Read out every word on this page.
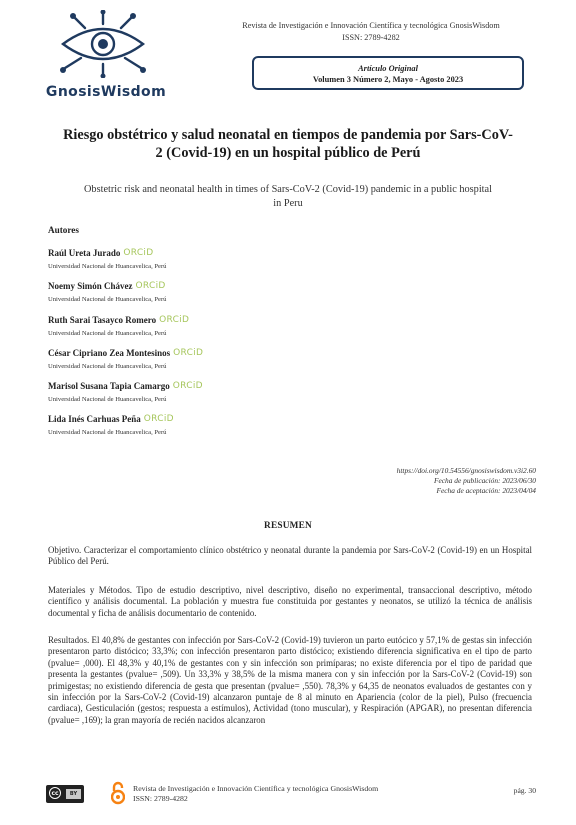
GnosisWisdom
Revista de Investigación e Innovación Científica y tecnológica GnosisWisdom
ISSN: 2789-4282
Artículo Original
Volumen 3 Número 2, Mayo - Agosto 2023
Riesgo obstétrico y salud neonatal en tiempos de pandemia por Sars-CoV-2 (Covid-19) en un hospital público de Perú
Obstetric risk and neonatal health in times of Sars-CoV-2 (Covid-19) pandemic in a public hospital in Peru
Autores
Raúl Ureta Jurado ORCiD
Universidad Nacional de Huancavelica, Perú
Noemy Simón Chávez ORCiD
Universidad Nacional de Huancavelica, Perú
Ruth Sarai Tasayco Romero ORCiD
Universidad Nacional de Huancavelica, Perú
César Cipriano Zea Montesinos ORCiD
Universidad Nacional de Huancavelica, Perú
Marisol Susana Tapia Camargo ORCiD
Universidad Nacional de Huancavelica, Perú
Lida Inés Carhuas Peña ORCiD
Universidad Nacional de Huancavelica, Perú
https://doi.org/10.54556/gnosiswisdom.v3i2.60
Fecha de publicación: 2023/06/30
Fecha de aceptación: 2023/04/04
RESUMEN
Objetivo. Caracterizar el comportamiento clínico obstétrico y neonatal durante la pandemia por Sars-CoV-2 (Covid-19) en un Hospital Público del Perú.
Materiales y Métodos. Tipo de estudio descriptivo, nivel descriptivo, diseño no experimental, transaccional descriptivo, método científico y análisis documental. La población y muestra fue constituida por gestantes y neonatos, se utilizó la técnica de análisis documental y ficha de análisis documentario de contenido.
Resultados. El 40,8% de gestantes con infección por Sars-CoV-2 (Covid-19) tuvieron un parto eutócico y 57,1% de gestas sin infección presentaron parto distócico; 33,3%; con infección presentaron parto distócico; existiendo diferencia significativa en el tipo de parto (pvalue= ,000). El 48,3% y 40,1% de gestantes con y sin infección son primíparas; no existe diferencia por el tipo de paridad que presenta la gestantes (pvalue= ,509). Un 33,3% y 38,5% de la misma manera con y sin infección por la Sars-CoV-2 (Covid-19) son primigestas; no existiendo diferencia de gesta que presentan (pvalue= ,550). 78,3% y 64,35 de neonatos evaluados de gestantes con y sin infección por la Sars-CoV-2 (Covid-19) alcanzaron puntaje de 8 al minuto en Apariencia (color de la piel), Pulso (frecuencia cardiaca), Gesticulación (gestos; respuesta a estímulos), Actividad (tono muscular), y Respiración (APGAR), no presentan diferencia (pvalue= ,169); la gran mayoría de recién nacidos alcanzaron
cc	BY
Revista de Investigación e Innovación Científica y tecnológica GnosisWisdom
ISSN: 2789-4282
pág. 30
